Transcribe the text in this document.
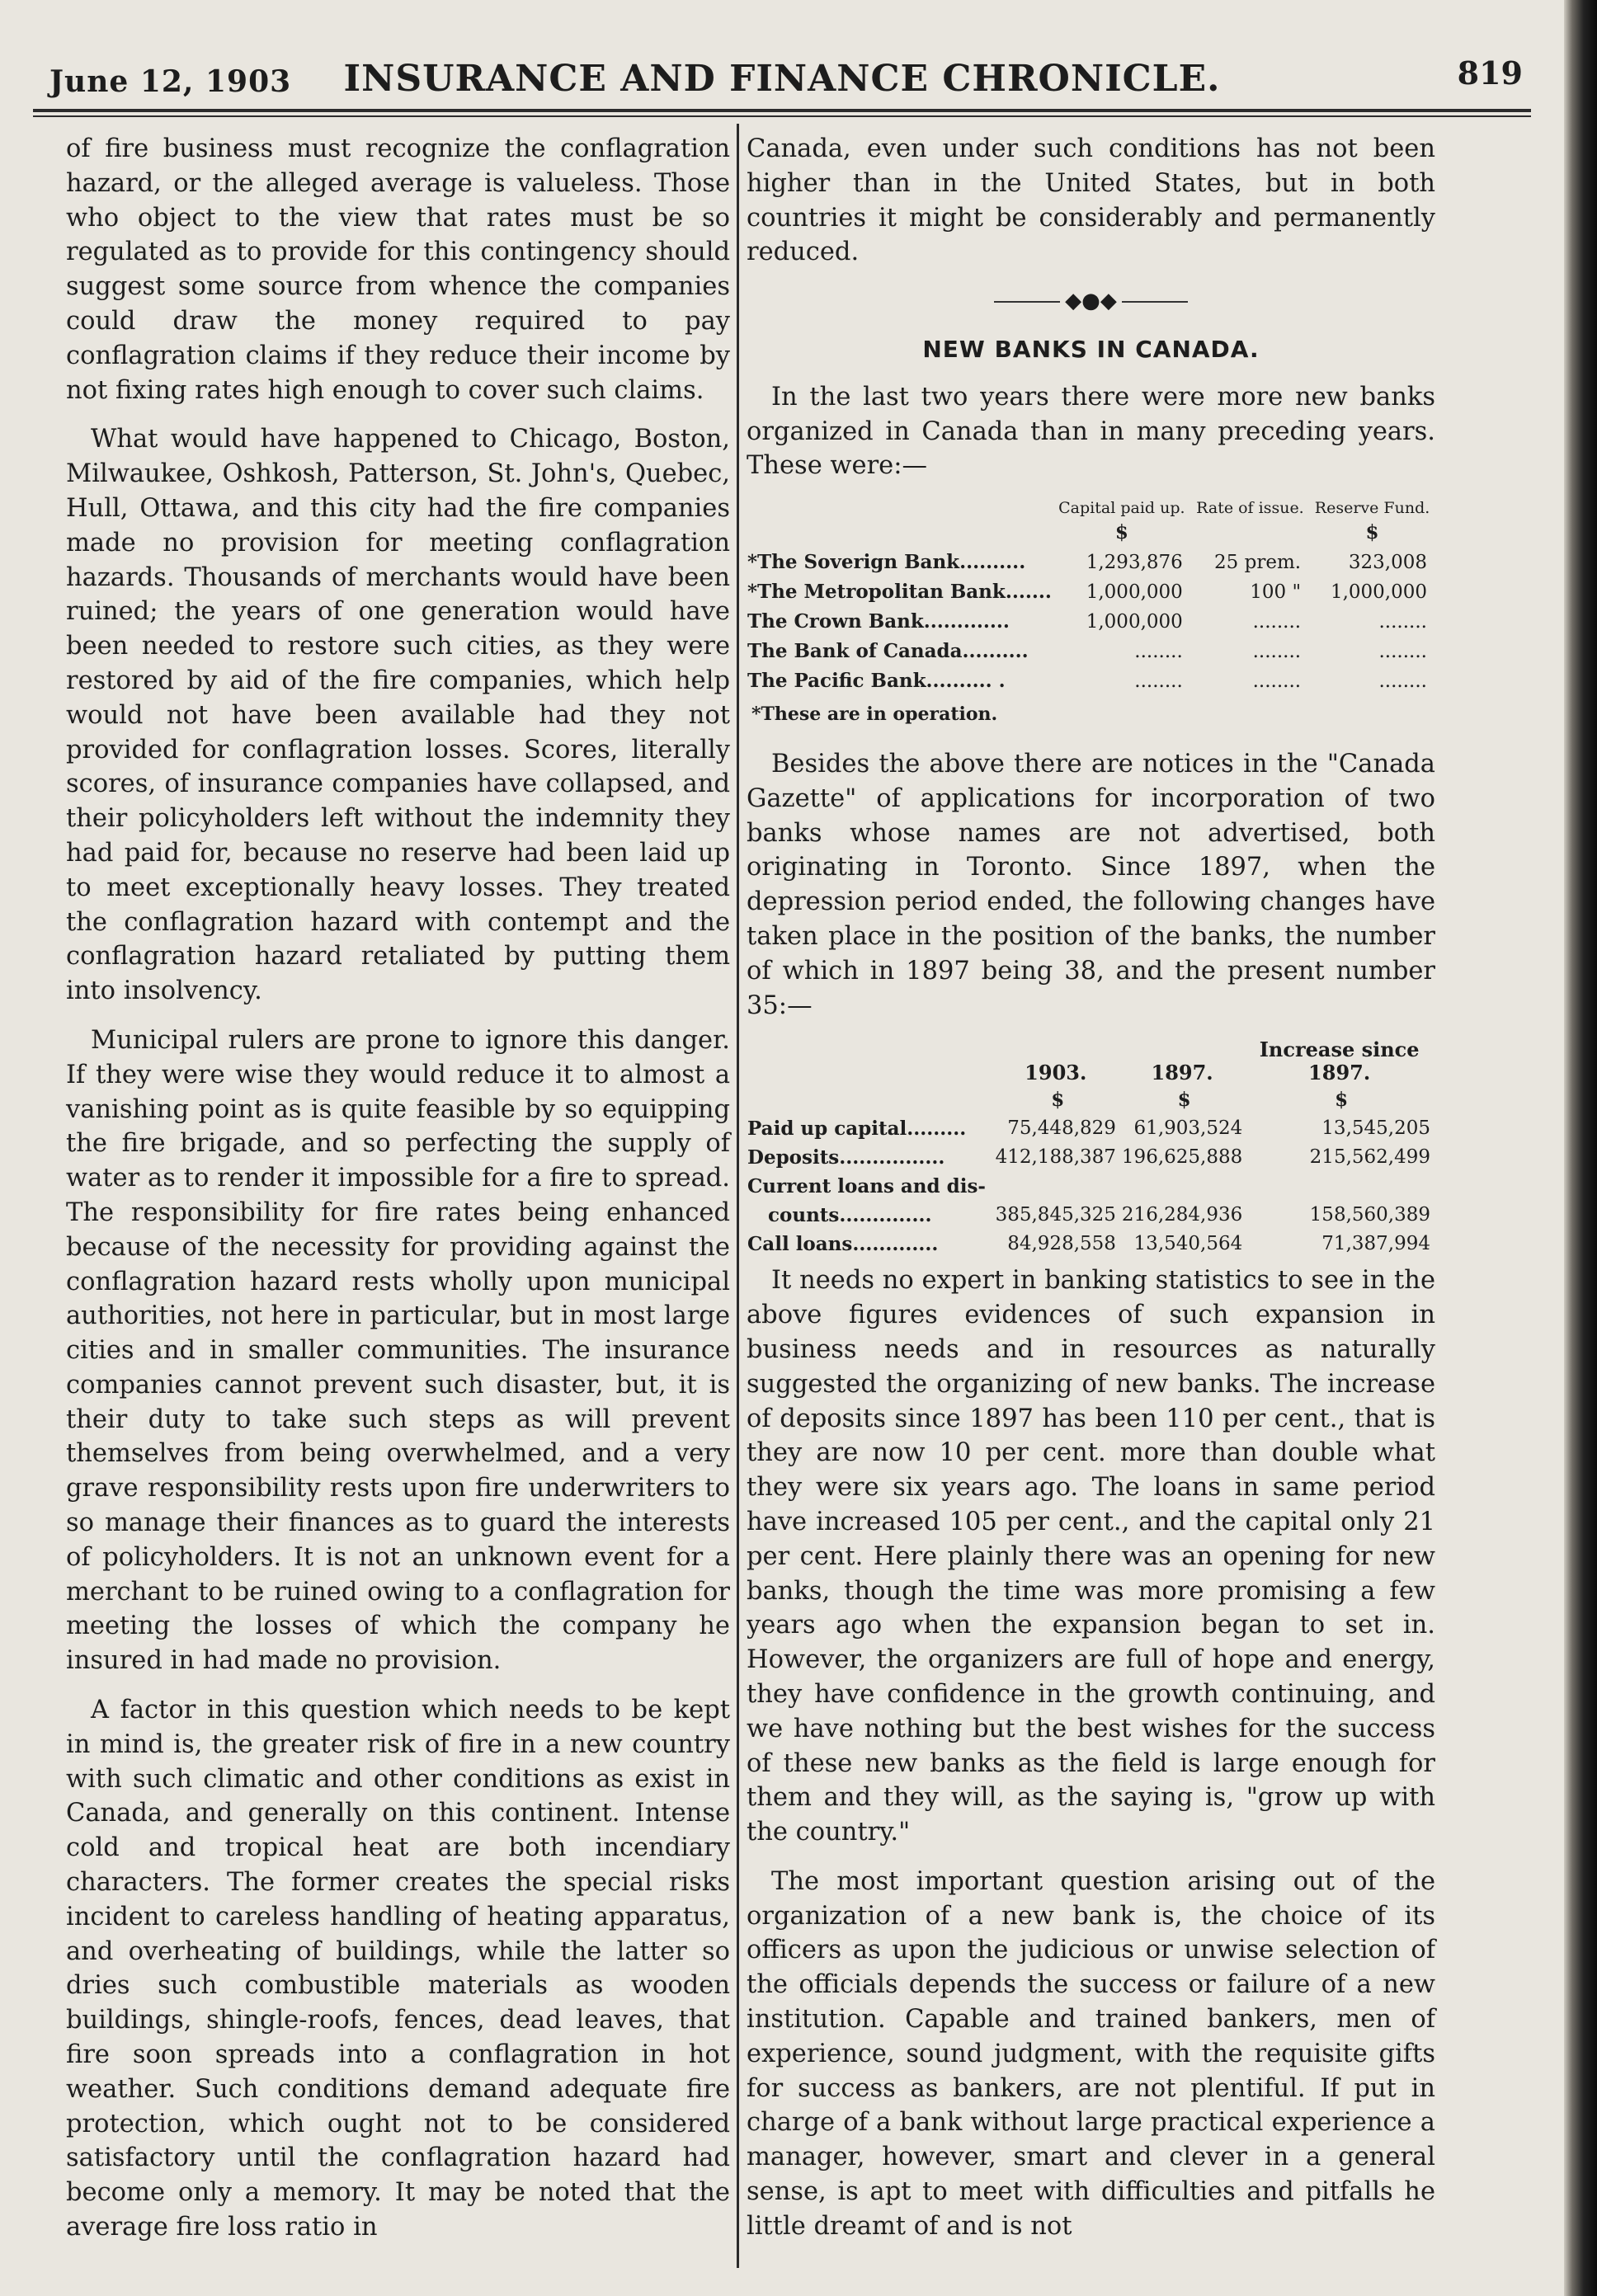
June 12, 1903	INSURANCE AND FINANCE CHRONICLE.	819

of fire business must recognize the conflagration hazard, or the alleged average is valueless. Those who object to the view that rates must be so regulated as to provide for this contingency should suggest some source from whence the companies could draw the money required to pay conflagration claims if they reduce their income by not fixing rates high enough to cover such claims.

What would have happened to Chicago, Boston, Milwaukee, Oshkosh, Patterson, St. John's, Quebec, Hull, Ottawa, and this city had the fire companies made no provision for meeting conflagration hazards. Thousands of merchants would have been ruined; the years of one generation would have been needed to restore such cities, as they were restored by aid of the fire companies, which help would not have been available had they not provided for conflagration losses. Scores, literally scores, of insurance companies have collapsed, and their policyholders left without the indemnity they had paid for, because no reserve had been laid up to meet exceptionally heavy losses. They treated the conflagration hazard with contempt and the conflagration hazard retaliated by putting them into insolvency.

Municipal rulers are prone to ignore this danger. If they were wise they would reduce it to almost a vanishing point as is quite feasible by so equipping the fire brigade, and so perfecting the supply of water as to render it impossible for a fire to spread. The responsibility for fire rates being enhanced because of the necessity for providing against the conflagration hazard rests wholly upon municipal authorities, not here in particular, but in most large cities and in smaller communities. The insurance companies cannot prevent such disaster, but, it is their duty to take such steps as will prevent themselves from being overwhelmed, and a very grave responsibility rests upon fire underwriters to so manage their finances as to guard the interests of policyholders. It is not an unknown event for a merchant to be ruined owing to a conflagration for meeting the losses of which the company he insured in had made no provision.

A factor in this question which needs to be kept in mind is, the greater risk of fire in a new country with such climatic and other conditions as exist in Canada, and generally on this continent. Intense cold and tropical heat are both incendiary characters. The former creates the special risks incident to careless handling of heating apparatus, and overheating of buildings, while the latter so dries such combustible materials as wooden buildings, shingle-roofs, fences, dead leaves, that fire soon spreads into a conflagration in hot weather. Such conditions demand adequate fire protection, which ought not to be considered satisfactory until the conflagration hazard had become only a memory. It may be noted that the average fire loss ratio in

Canada, even under such conditions has not been higher than in the United States, but in both countries it might be considerably and permanently reduced.

◆●◆
NEW BANKS IN CANADA.

In the last two years there were more new banks organized in Canada than in many preceding years. These were:—

	Capital paid up.	Rate of issue.	Reserve Fund.
	$		$
*The Soverign Bank..........	1,293,876	25 prem.	323,008
*The Metropolitan Bank.......	1,000,000	100 "	1,000,000
The Crown Bank.............	1,000,000	........	........
The Bank of Canada..........	........	........	........
The Pacific Bank.......... .	........	........	........
*These are in operation.

Besides the above there are notices in the "Canada Gazette" of applications for incorporation of two banks whose names are not advertised, both originating in Toronto. Since 1897, when the depression period ended, the following changes have taken place in the position of the banks, the number of which in 1897 being 38, and the present number 35:—

	1903.	1897.	Increase since 1897.
	$	$	$
Paid up capital.........	75,448,829	61,903,524	13,545,205
Deposits................	412,188,387	196,625,888	215,562,499
Current loans and dis-			
counts..............	385,845,325	216,284,936	158,560,389
Call loans.............	84,928,558	13,540,564	71,387,994

It needs no expert in banking statistics to see in the above figures evidences of such expansion in business needs and in resources as naturally suggested the organizing of new banks. The increase of deposits since 1897 has been 110 per cent., that is they are now 10 per cent. more than double what they were six years ago. The loans in same period have increased 105 per cent., and the capital only 21 per cent. Here plainly there was an opening for new banks, though the time was more promising a few years ago when the expansion began to set in. However, the organizers are full of hope and energy, they have confidence in the growth continuing, and we have nothing but the best wishes for the success of these new banks as the field is large enough for them and they will, as the saying is, "grow up with the country."

The most important question arising out of the organization of a new bank is, the choice of its officers as upon the judicious or unwise selection of the officials depends the success or failure of a new institution. Capable and trained bankers, men of experience, sound judgment, with the requisite gifts for success as bankers, are not plentiful. If put in charge of a bank without large practical experience a manager, however, smart and clever in a general sense, is apt to meet with difficulties and pitfalls he little dreamt of and is not
